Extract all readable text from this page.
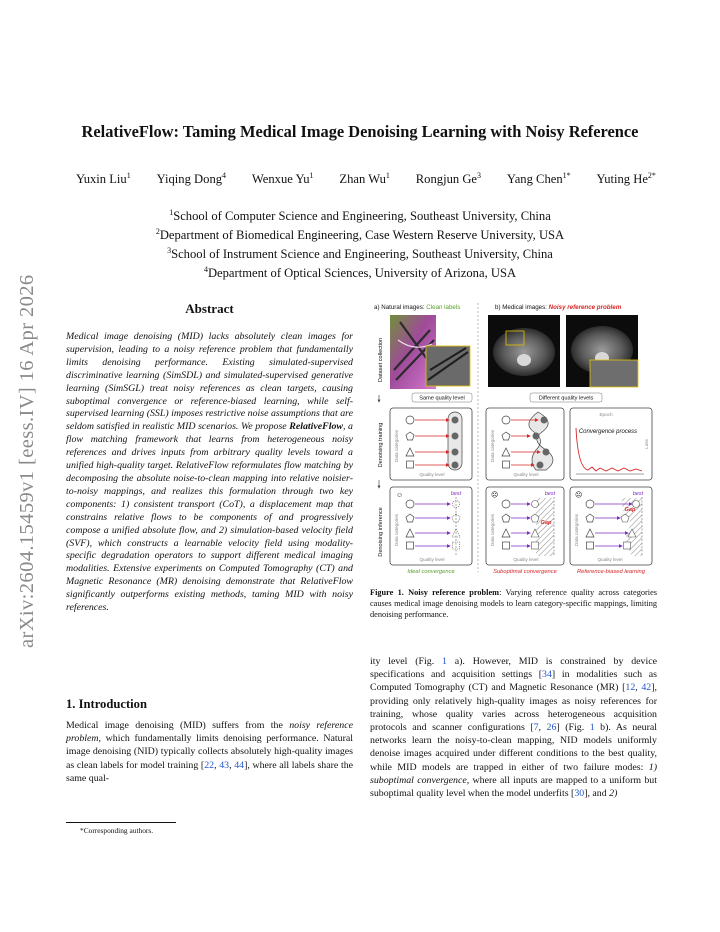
arXiv:2604.15459v1 [eess.IV] 16 Apr 2026
RelativeFlow: Taming Medical Image Denoising Learning with Noisy Reference
Yuxin Liu$^1$ Yiqing Dong$^4$ Wenxue Yu$^1$ Zhan Wu$^1$ Rongjun Ge$^3$ Yang Chen$^{1*}$ Yuting $He^{2*}$
$^1$School of Computer Science and Engineering, Southeast University, China
$^2$Department of Biomedical Engineering, Case Western Reserve University, USA
$^3$School of Instrument Science and Engineering, Southeast University, China
$^4$Department of Optical Sciences, University of Arizona, USA
Abstract
Medical image denoising (MID) lacks absolutely clean images for supervision, leading to a noisy reference problem that fundamentally limits denoising performance. Existing simulated-supervised discriminative learning (SimSDL) and simulated-supervised generative learning (SimSGL) treat noisy references as clean targets, causing suboptimal convergence or reference-biased learning, while self-supervised learning (SSL) imposes restrictive noise assumptions that are seldom satisfied in realistic MID scenarios. We propose RelativeFlow, a flow matching framework that learns from heterogeneous noisy references and drives inputs from arbitrary quality levels toward a unified high-quality target. RelativeFlow reformulates flow matching by decomposing the absolute noise-to-clean mapping into relative noisier-to-noisy mappings, and realizes this formulation through two key components: 1) consistent transport (CoT), a displacement map that constrains relative flows to be components of and progressively compose a unified absolute flow, and 2) simulation-based velocity field (SVF), which constructs a learnable velocity field using modality-specific degradation operators to support different medical imaging modalities. Extensive experiments on Computed Tomography (CT) and Magnetic Resonance (MR) denoising demonstrate that RelativeFlow significantly outperforms existing methods, taming MID with noisy references.
1. Introduction
Medical image denoising (MID) suffers from the noisy reference problem, which fundamentally limits denoising performance. Natural image denoising (NID) typically collects absolutely high-quality images as clean labels for model training [22, 43, 44], where all labels share the same qual-
*Corresponding authors.
ity level (Fig. 1 a). However, MID is constrained by device specifications and acquisition settings [34] in modalities such as Computed Tomography (CT) and Magnetic Resonance (MR) [12, 42], providing only relatively high-quality images as noisy references for training, whose quality varies across heterogeneous acquisition protocols and scanner configurations [7, 26] (Fig. 1 b). As neural networks learn the noisy-to-clean mapping, NID models uniformly denoise images acquired under different conditions to the best quality, while MID models are trapped in either of two failure modes: 1) suboptimal convergence, where all inputs are mapped to a uniform but suboptimal quality level when the model underfits [30], and 2)
Figure 1. Noisy reference problem: Varying reference quality across categories causes medical image denoising models to learn category-specific mappings, limiting denoising performance.
a) Natural images: Clean labels	b) Medical images: Noisy reference problem
Dataset collection
Denoising training
Denoising inference
Same quality level	Different quality levels
Data categories
Quality level
Data categories
Quality level
Epoch
Loss
Convergence process
☺
Data categories
Quality level
best	☹
Data categories
Quality level
best
Gap
☹
Data categories
Quality level
best
Gap
Ideal convergence	Suboptimal convergence	Reference-biased learning
